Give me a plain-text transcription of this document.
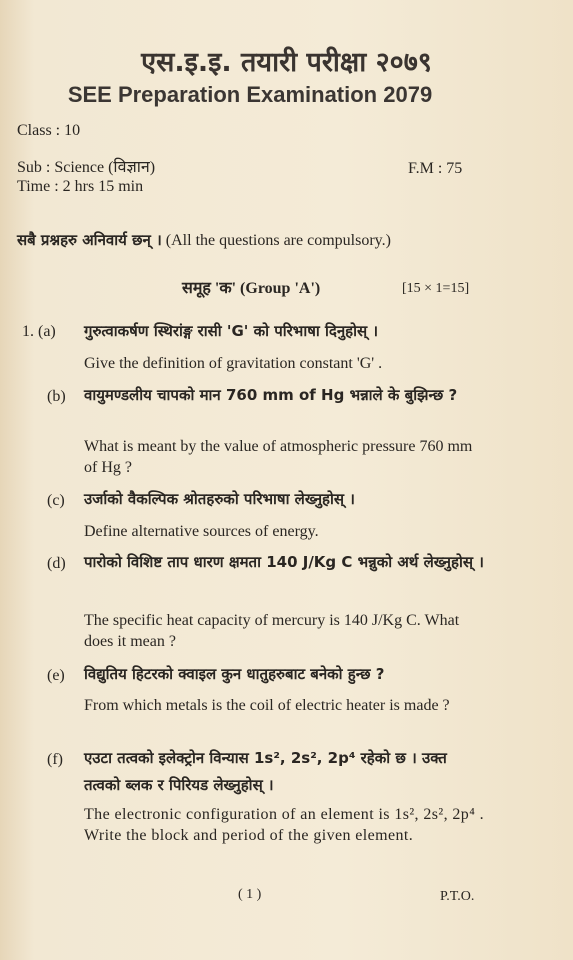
एस.इ.इ. तयारी परीक्षा २०७९
SEE Preparation Examination 2079
Class : 10
Sub : Science (विज्ञान)
Time : 2 hrs 15 min
F.M : 75
सबै प्रश्नहरु अनिवार्य छन् । (All the questions are compulsory.)
समूह 'क' (Group 'A')	[15 × 1=15]
1. (a) गुरुत्वाकर्षण स्थिरांङ्ग रासी 'G' को परिभाषा दिनुहोस् ।
Give the definition of gravitation constant 'G' .
(b) वायुमण्डलीय चापको मान 760 mm of Hg भन्नाले के बुझिन्छ ?
What is meant by the value of atmospheric pressure 760 mm of Hg ?
(c) उर्जाको वैकल्पिक श्रोतहरुको परिभाषा लेख्नुहोस् ।
Define alternative sources of energy.
(d) पारोको विशिष्ट ताप धारण क्षमता 140 J/Kg C भन्नुको अर्थ लेख्नुहोस् ।
The specific heat capacity of mercury is 140 J/Kg C. What does it mean ?
(e) विद्युतिय हिटरको क्वाइल कुन धातुहरुबाट बनेको हुन्छ ?
From which metals is the coil of electric heater is made ?
(f) एउटा तत्वको इलेक्ट्रोन विन्यास 1s², 2s², 2p⁴ रहेको छ । उक्त तत्वको ब्लक र पिरियड लेख्नुहोस् ।
The electronic configuration of an element is 1s², 2s², 2p⁴ . Write the block and period of the given element.
( 1 )	P.T.O.
